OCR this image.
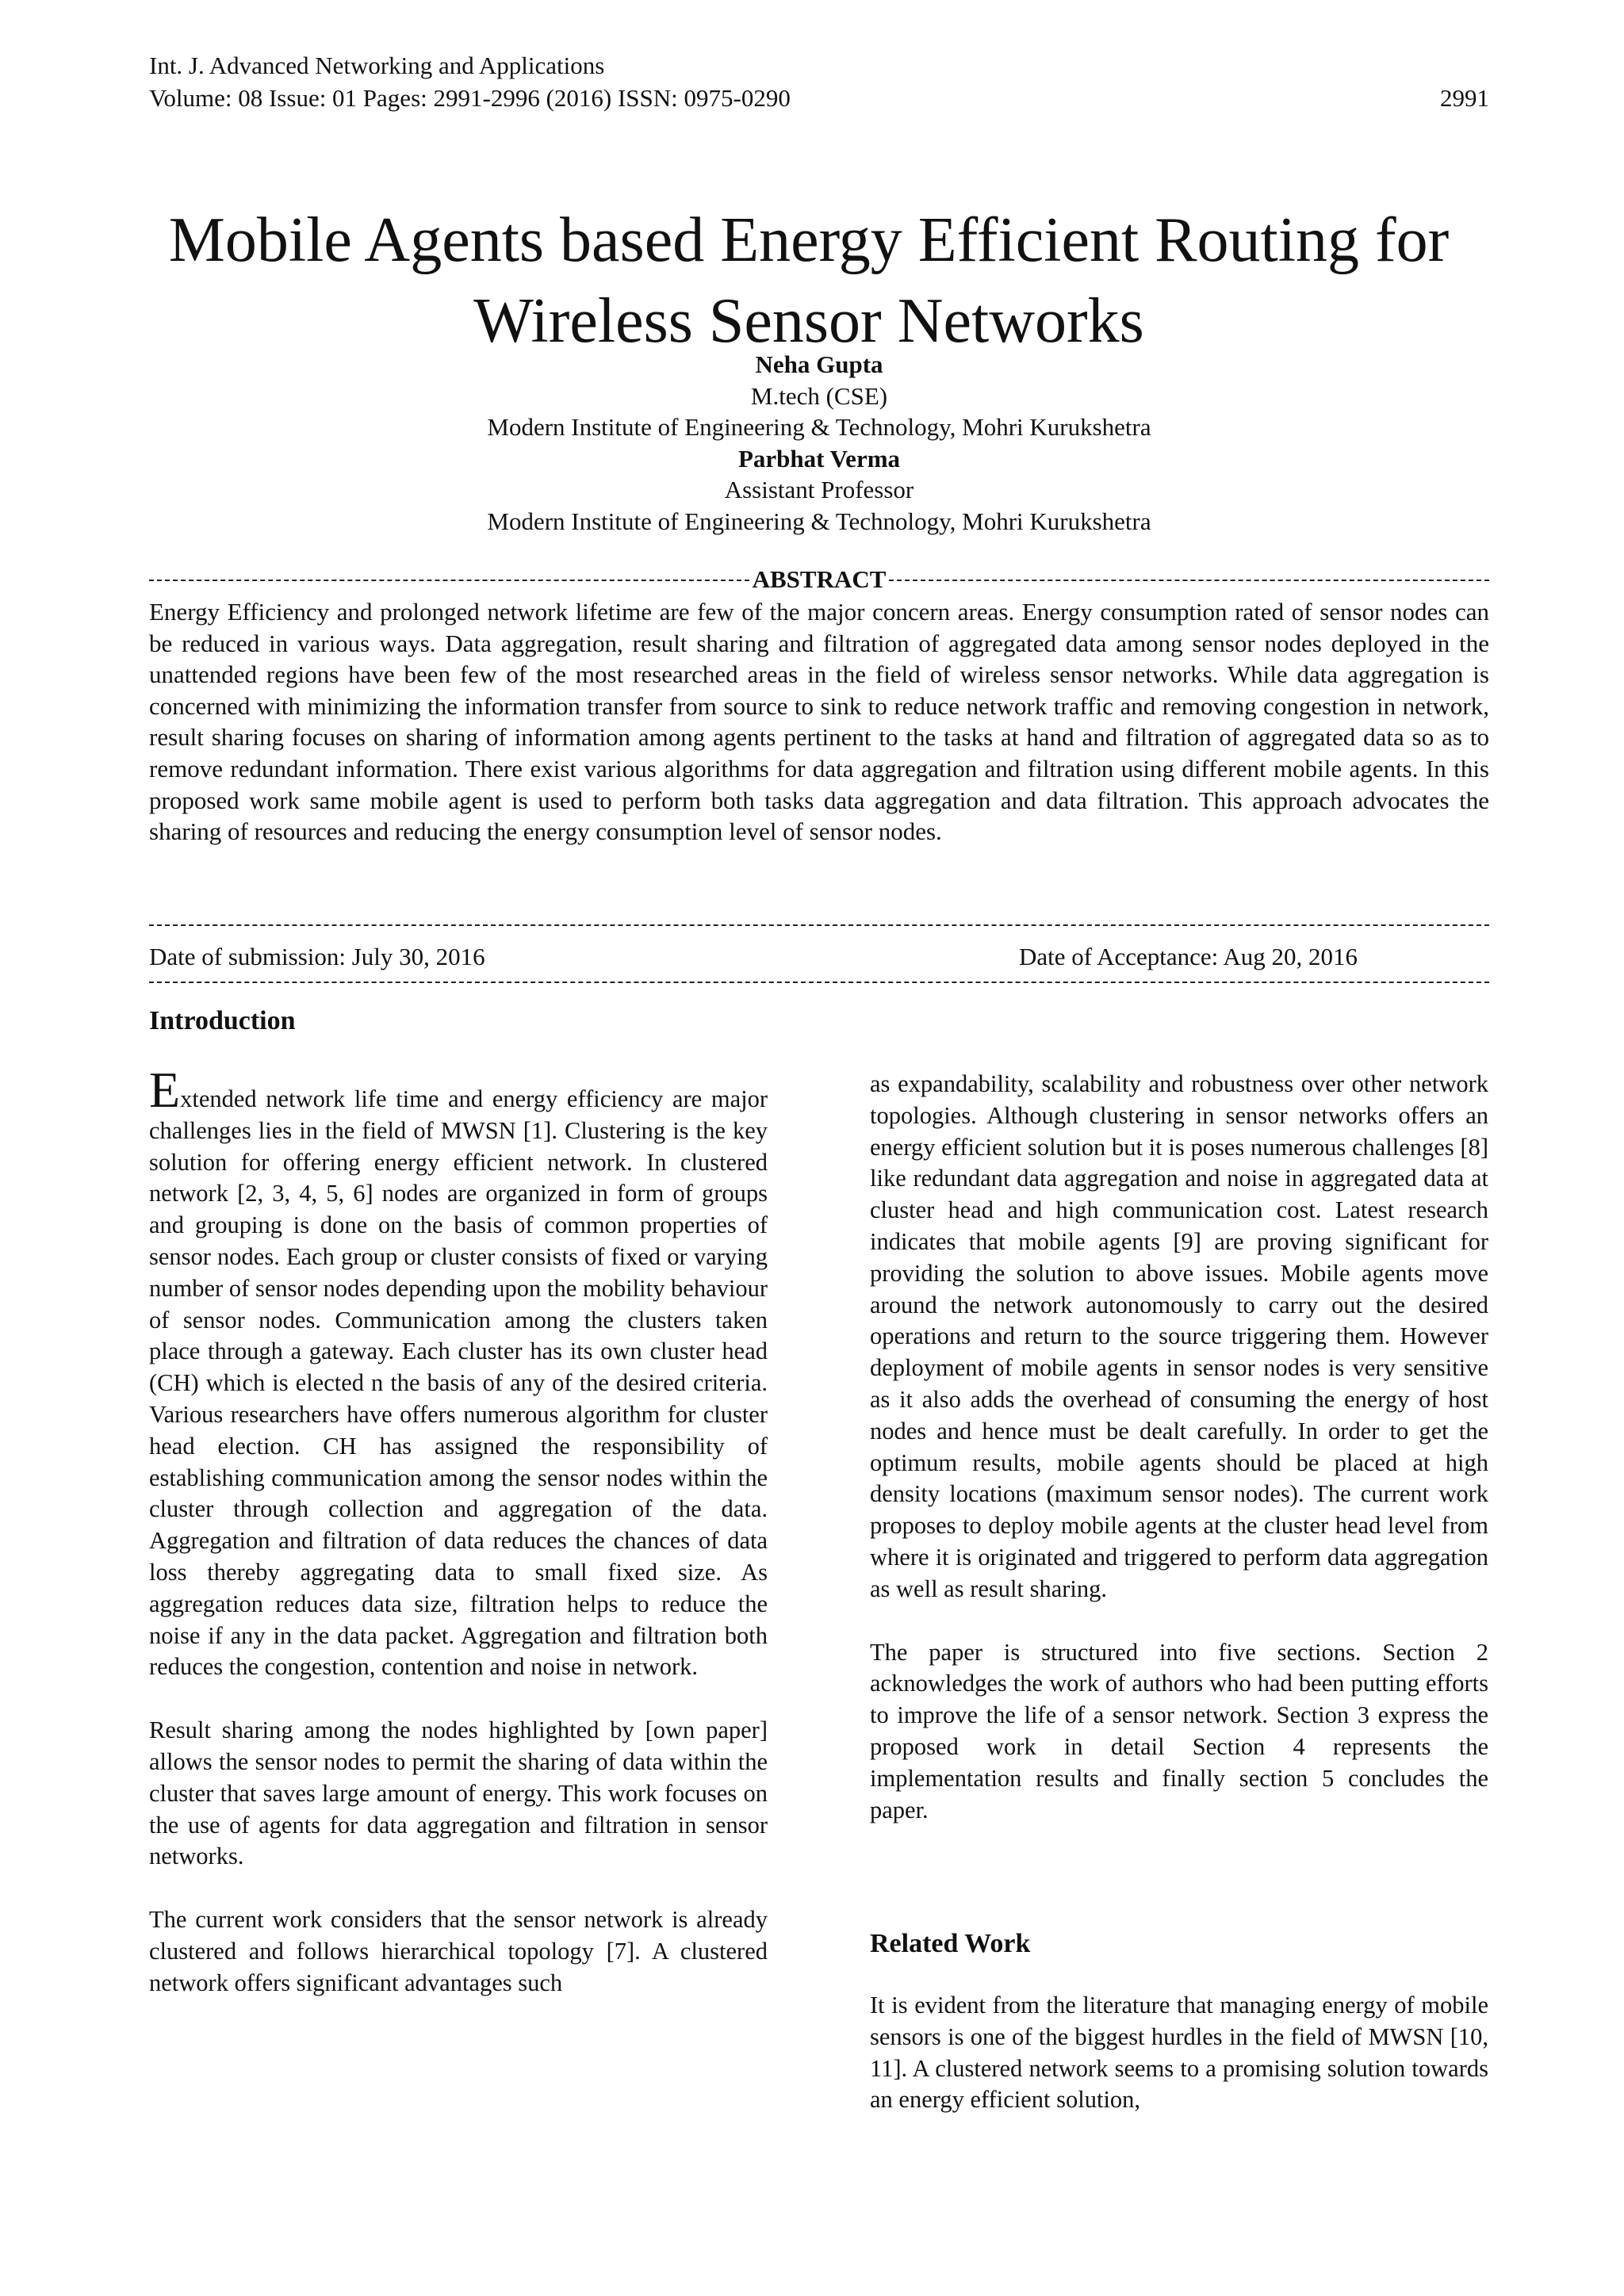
Int. J. Advanced Networking and Applications
Volume: 08 Issue: 01 Pages: 2991-2996 (2016) ISSN: 0975-0290	2991
Mobile Agents based Energy Efficient Routing for
Wireless Sensor Networks
Neha Gupta
M.tech (CSE)
Modern Institute of Engineering & Technology, Mohri Kurukshetra
Parbhat Verma
Assistant Professor
Modern Institute of Engineering & Technology, Mohri Kurukshetra
ABSTRACT

Energy Efficiency and prolonged network lifetime are few of the major concern areas. Energy consumption rated of sensor nodes can be reduced in various ways. Data aggregation, result sharing and filtration of aggregated data among sensor nodes deployed in the unattended regions have been few of the most researched areas in the field of wireless sensor networks. While data aggregation is concerned with minimizing the information transfer from source to sink to reduce network traffic and removing congestion in network, result sharing focuses on sharing of information among agents pertinent to the tasks at hand and filtration of aggregated data so as to remove redundant information. There exist various algorithms for data aggregation and filtration using different mobile agents. In this proposed work same mobile agent is used to perform both tasks data aggregation and data filtration. This approach advocates the sharing of resources and reducing the energy consumption level of sensor nodes.

Date of submission: July 30, 2016	Date of Acceptance: Aug 20, 2016
Introduction

Extended network life time and energy efficiency are major challenges lies in the field of MWSN [1]. Clustering is the key solution for offering energy efficient network. In clustered network [2, 3, 4, 5, 6] nodes are organized in form of groups and grouping is done on the basis of common properties of sensor nodes. Each group or cluster consists of fixed or varying number of sensor nodes depending upon the mobility behaviour of sensor nodes. Communication among the clusters taken place through a gateway. Each cluster has its own cluster head (CH) which is elected n the basis of any of the desired criteria. Various researchers have offers numerous algorithm for cluster head election. CH has assigned the responsibility of establishing communication among the sensor nodes within the cluster through collection and aggregation of the data. Aggregation and filtration of data reduces the chances of data loss thereby aggregating data to small fixed size. As aggregation reduces data size, filtration helps to reduce the noise if any in the data packet. Aggregation and filtration both reduces the congestion, contention and noise in network.

Result sharing among the nodes highlighted by [own paper] allows the sensor nodes to permit the sharing of data within the cluster that saves large amount of energy. This work focuses on the use of agents for data aggregation and filtration in sensor networks.

The current work considers that the sensor network is already clustered and follows hierarchical topology [7]. A clustered network offers significant advantages such

as expandability, scalability and robustness over other network topologies. Although clustering in sensor networks offers an energy efficient solution but it is poses numerous challenges [8] like redundant data aggregation and noise in aggregated data at cluster head and high communication cost. Latest research indicates that mobile agents [9] are proving significant for providing the solution to above issues. Mobile agents move around the network autonomously to carry out the desired operations and return to the source triggering them. However deployment of mobile agents in sensor nodes is very sensitive as it also adds the overhead of consuming the energy of host nodes and hence must be dealt carefully. In order to get the optimum results, mobile agents should be placed at high density locations (maximum sensor nodes). The current work proposes to deploy mobile agents at the cluster head level from where it is originated and triggered to perform data aggregation as well as result sharing.

The paper is structured into five sections. Section 2 acknowledges the work of authors who had been putting efforts to improve the life of a sensor network. Section 3 express the proposed work in detail Section 4 represents the implementation results and finally section 5 concludes the paper.

Related Work

It is evident from the literature that managing energy of mobile sensors is one of the biggest hurdles in the field of MWSN [10, 11]. A clustered network seems to a promising solution towards an energy efficient solution,
